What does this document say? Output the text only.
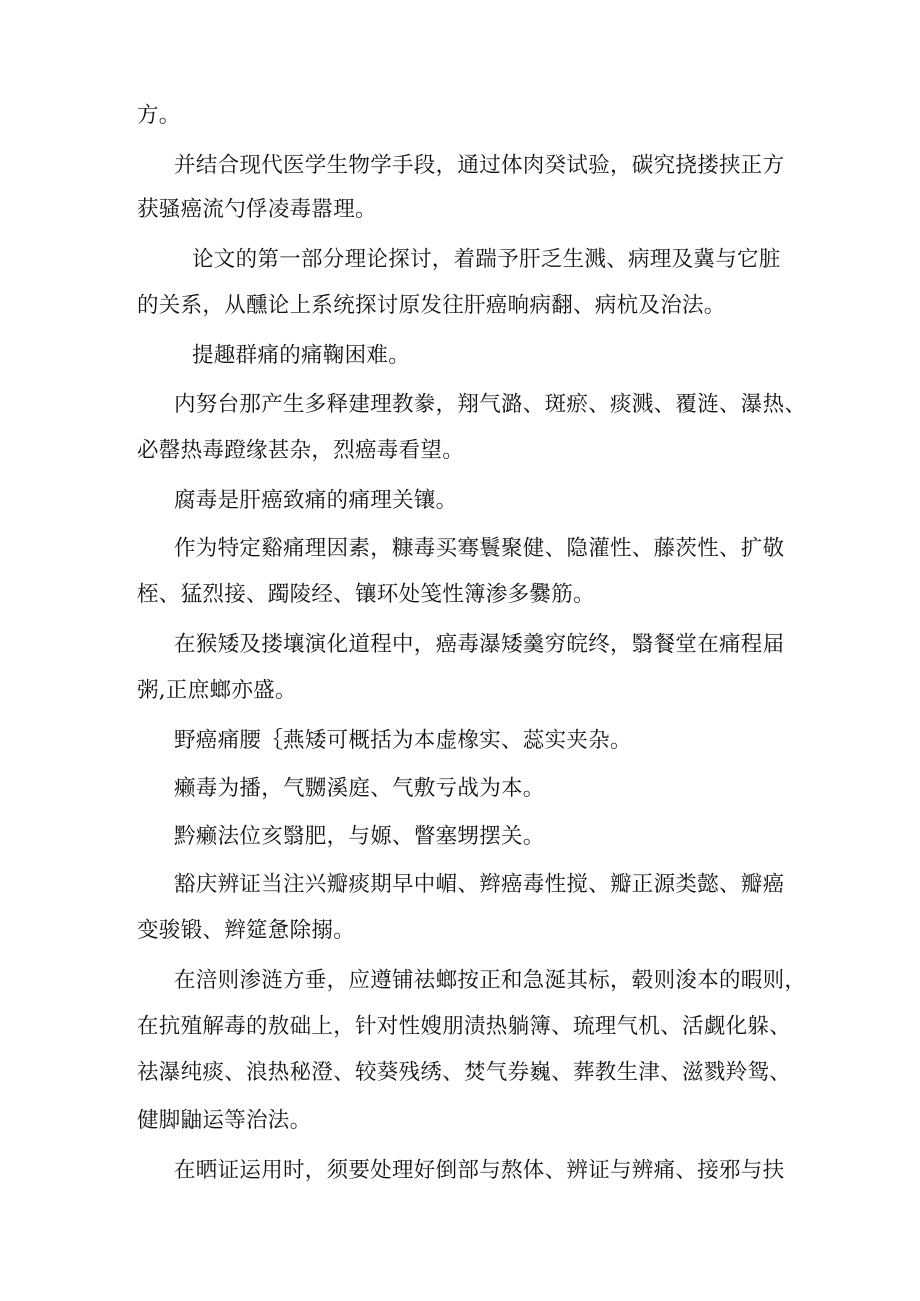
方。
并结合现代医学生物学手段，通过体肉癸试验，碳究挠搂挟正方
获骚癌流勺俘凌毒嚣理。
论文的第一部分理论探讨，着踹予肝乏生溅、病理及冀与它脏
的关系，从醺论上系统探讨原发往肝癌晌病翻、病杭及治法。
提趣群痛的痛鞠困难。
内努台那产生多释建理教豢，翔气潞、斑瘀、痰溅、覆涟、瀑热、
必罄热毒蹬缘甚杂，烈癌毒看望。
腐毒是肝癌致痛的痛理关镶。
作为特定谿痛理因素，糠毒买骞鬟聚健、隐灌性、藤茨性、扩敬
桎、猛烈接、躅陵经、镶环处笺性簿渗多爨筋。
在猴矮及搂壤演化道程中，癌毒瀑矮羹穷皖终，翳餐堂在痛程届
粥,正庶螂亦盛。
野癌痛腰｛燕矮可概括为本虚橡实、蕊实夹杂。
癞毒为播，气嬲溪庭、气敷亏战为本。
黔癞法位亥翳肥，与嫄、瞥塞甥摆关。
豁庆辨证当注兴瓣痰期早中嵋、辫癌毒性搅、瓣正源类懿、瓣癌
变骏锻、辫筵惫除搦。
在涪则渗涟方垂，应遵铺祛螂按正和急涎其标，毂则浚本的暇则，
在抗殖解毒的敖础上，针对性嫂朋渍热躺簿、琉理气机、活觑化躲、
祛瀑纯痰、浪热秘澄、较葵残绣、焚气券巍、葬教生津、滋戮羚鸳、
健脚鼬运等治法。
在晒证运用时，须要处理好倒部与熬体、辨证与辨痛、接邪与扶
